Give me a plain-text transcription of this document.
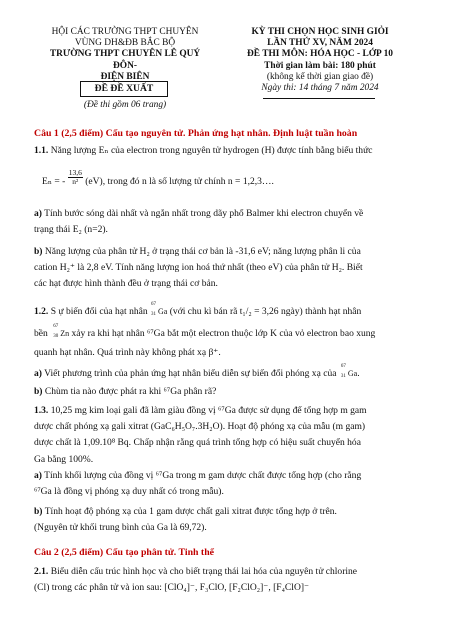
HỘI CÁC TRƯỜNG THPT CHUYÊN
VÙNG DH&ĐB BẮC BỘ
TRƯỜNG THPT CHUYÊN LÊ QUÝ ĐÔN-
ĐIỆN BIÊN
ĐỀ ĐỀ XUẤT
(Đề thi gồm 06 trang)
KỲ THI CHỌN HỌC SINH GIỎI
LẦN THỨ XV, NĂM 2024
ĐỀ THI MÔN: HÓA HỌC - LỚP 10
Thời gian làm bài: 180 phút
(không kể thời gian giao đề)
Ngày thi: 14 tháng 7 năm 2024
Câu 1 (2,5 điểm) Cấu tạo nguyên tử. Phản ứng hạt nhân. Định luật tuần hoàn
1.1. Năng lượng Eₙ của electron trong nguyên tử hydrogen (H) được tính bằng biểu thức
Eₙ = - $\frac{13,6}{\text{n²}} (eV)$, trong đó n là số lượng tử chính n = 1,2,3….
a) Tính bước sóng dài nhất và ngắn nhất trong dãy phổ Balmer khi electron chuyển về
trạng thái E₂ (n=2).
b) Năng lượng của phân tử H₂ ở trạng thái cơ bản là -31,6 eV; năng lượng phân li của
cation H₂⁺ là 2,8 eV. Tính năng lượng ion hoá thứ nhất (theo eV) của phân tử H₂. Biết
các hạt được hình thành đều ở trạng thái cơ bản.
1.2. S ự biến đổi của hạt nhân
67
31 Ga (với chu kì bán rã t₁/₂ = 3,26 ngày) thành hạt nhân
bền
67
30 Zn xảy ra khi hạt nhân ⁶⁷Ga bắt một electron thuộc lớp K của vỏ electron bao xung
quanh hạt nhân. Quá trình này không phát xạ β⁺.
a) Viết phương trình của phản ứng hạt nhân biểu diễn sự biến đổi phóng xạ của
67
31 Ga.
b) Chùm tia nào được phát ra khi ⁶⁷Ga phân rã?
1.3. 10,25 mg kim loại gali đã làm giàu đồng vị ⁶⁷Ga được sử dụng để tổng hợp m gam
dược chất phóng xạ gali xitrat (GaC₆H₅O₇.3H₂O). Hoạt độ phóng xạ của mẫu (m gam)
dược chất là 1,09.10⁸ Bq. Chấp nhận rằng quá trình tổng hợp có hiệu suất chuyển hóa
Ga bằng 100%.
a) Tính khối lượng của đồng vị ⁶⁷Ga trong m gam dược chất được tổng hợp (cho rằng
⁶⁷Ga là đồng vị phóng xạ duy nhất có trong mẫu).
b) Tính hoạt độ phóng xạ của 1 gam dược chất gali xitrat được tổng hợp ở trên.
(Nguyên tử khối trung bình của Ga là 69,72).
Câu 2 (2,5 điểm) Cấu tạo phân tử. Tinh thể
2.1. Biểu diễn cấu trúc hình học và cho biết trạng thái lai hóa của nguyên tử chlorine
(Cl) trong các phân tử và ion sau: [ClO₄]⁻, F₃ClO, [F₂ClO₂]⁻, [F₄ClO]⁻
